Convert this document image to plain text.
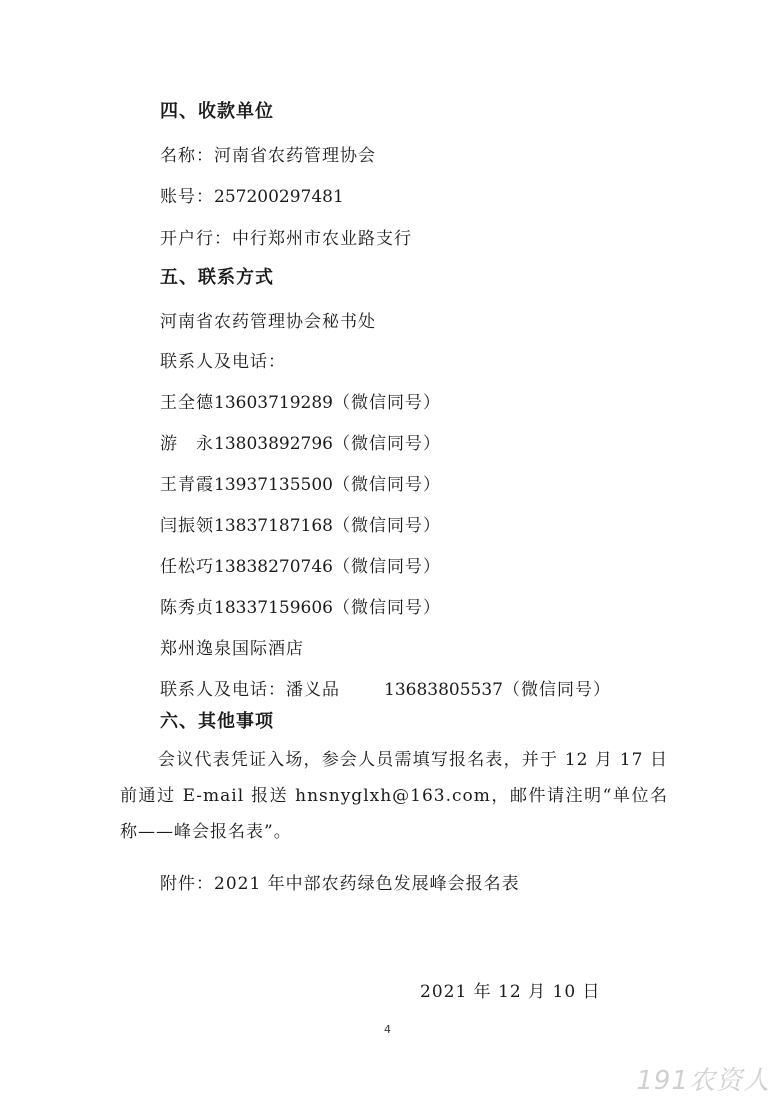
四、收款单位
名称：河南省农药管理协会
账号：257200297481
开户行：中行郑州市农业路支行
五、联系方式
河南省农药管理协会秘书处
联系人及电话：
王全德13603719289（微信同号）
游　永13803892796（微信同号）
王青霞13937135500（微信同号）
闫振领13837187168（微信同号）
任松巧13838270746（微信同号）
陈秀贞18337159606（微信同号）
郑州逸泉国际酒店
联系人及电话：潘义品	13683805537（微信同号）
六、其他事项
会议代表凭证入场，参会人员需填写报名表，并于 12 月 17 日前通过 E-mail 报送 hnsnyglxh@163.com，邮件请注明“单位名称——峰会报名表”。
附件：2021 年中部农药绿色发展峰会报名表
2021 年 12 月 10 日
4
191农资人
